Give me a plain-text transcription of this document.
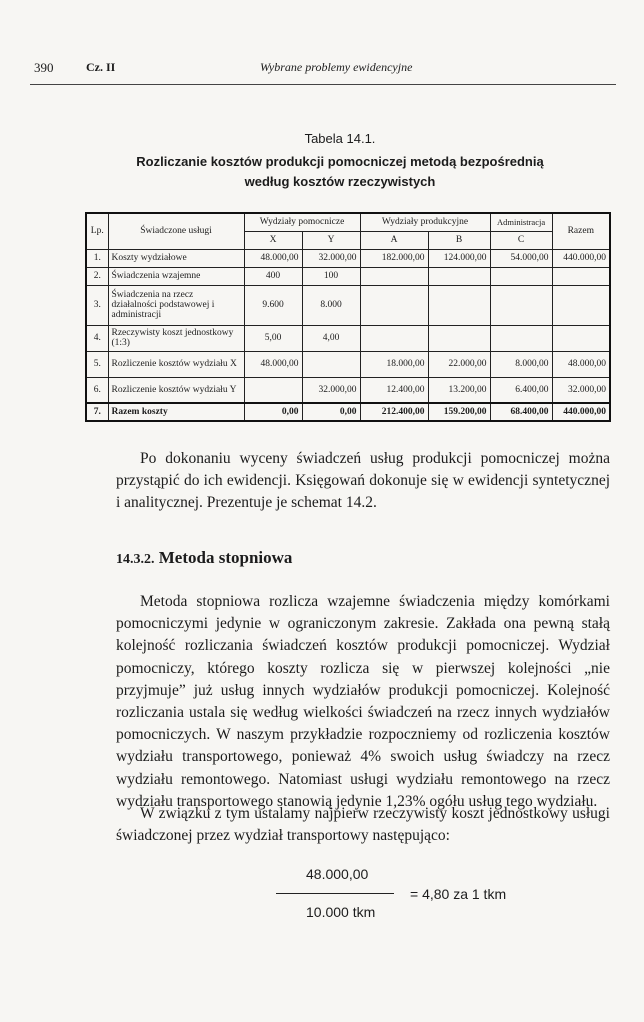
390	Cz. II	Wybrane problemy ewidencyjne
Tabela 14.1.
Rozliczanie kosztów produkcji pomocniczej metodą bezpośrednią
według kosztów rzeczywistych
Lp.	Świadczone usługi	Wydziały pomocnicze		Wydziały produkcyjne		Administracja	Razem
		X	Y	A	B	C	
1.	Koszty wydziałowe	48.000,00	32.000,00	182.000,00	124.000,00	54.000,00	440.000,00
2.	Świadczenia wzajemne	400	100				
3.	Świadczenia na rzecz działalności podstawowej i administracji	9.600	8.000				
4.	Rzeczywisty koszt jednostkowy (1:3)	5,00	4,00				
5.	Rozliczenie kosztów wydziału X	48.000,00		18.000,00	22.000,00	8.000,00	48.000,00
6.	Rozliczenie kosztów wydziału Y		32.000,00	12.400,00	13.200,00	6.400,00	32.000,00
7.	Razem koszty	0,00	0,00	212.400,00	159.200,00	68.400,00	440.000,00
Po dokonaniu wyceny świadczeń usług produkcji pomocniczej można przystąpić do ich ewidencji. Księgowań dokonuje się w ewidencji syntetycznej i analitycznej. Prezentuje je schemat 14.2.
14.3.2. Metoda stopniowa
Metoda stopniowa rozlicza wzajemne świadczenia między komórkami pomocniczymi jedynie w ograniczonym zakresie. Zakłada ona pewną stałą kolejność rozliczania świadczeń kosztów produkcji pomocniczej. Wydział pomocniczy, którego koszty rozlicza się w pierwszej kolejności „nie przyjmuje” już usług innych wydziałów produkcji pomocniczej. Kolejność rozliczania ustala się według wielkości świadczeń na rzecz innych wydziałów pomocniczych. W naszym przykładzie rozpoczniemy od rozliczenia kosztów wydziału transportowego, ponieważ 4% swoich usług świadczy na rzecz wydziału remontowego. Natomiast usługi wydziału remontowego na rzecz wydziału transportowego stanowią jedynie 1,23% ogółu usług tego wydziału.
W związku z tym ustalamy najpierw rzeczywisty koszt jednostkowy usługi świadczonej przez wydział transportowy następująco:
48.000,00
10.000 tkm
= 4,80 za 1 tkm
